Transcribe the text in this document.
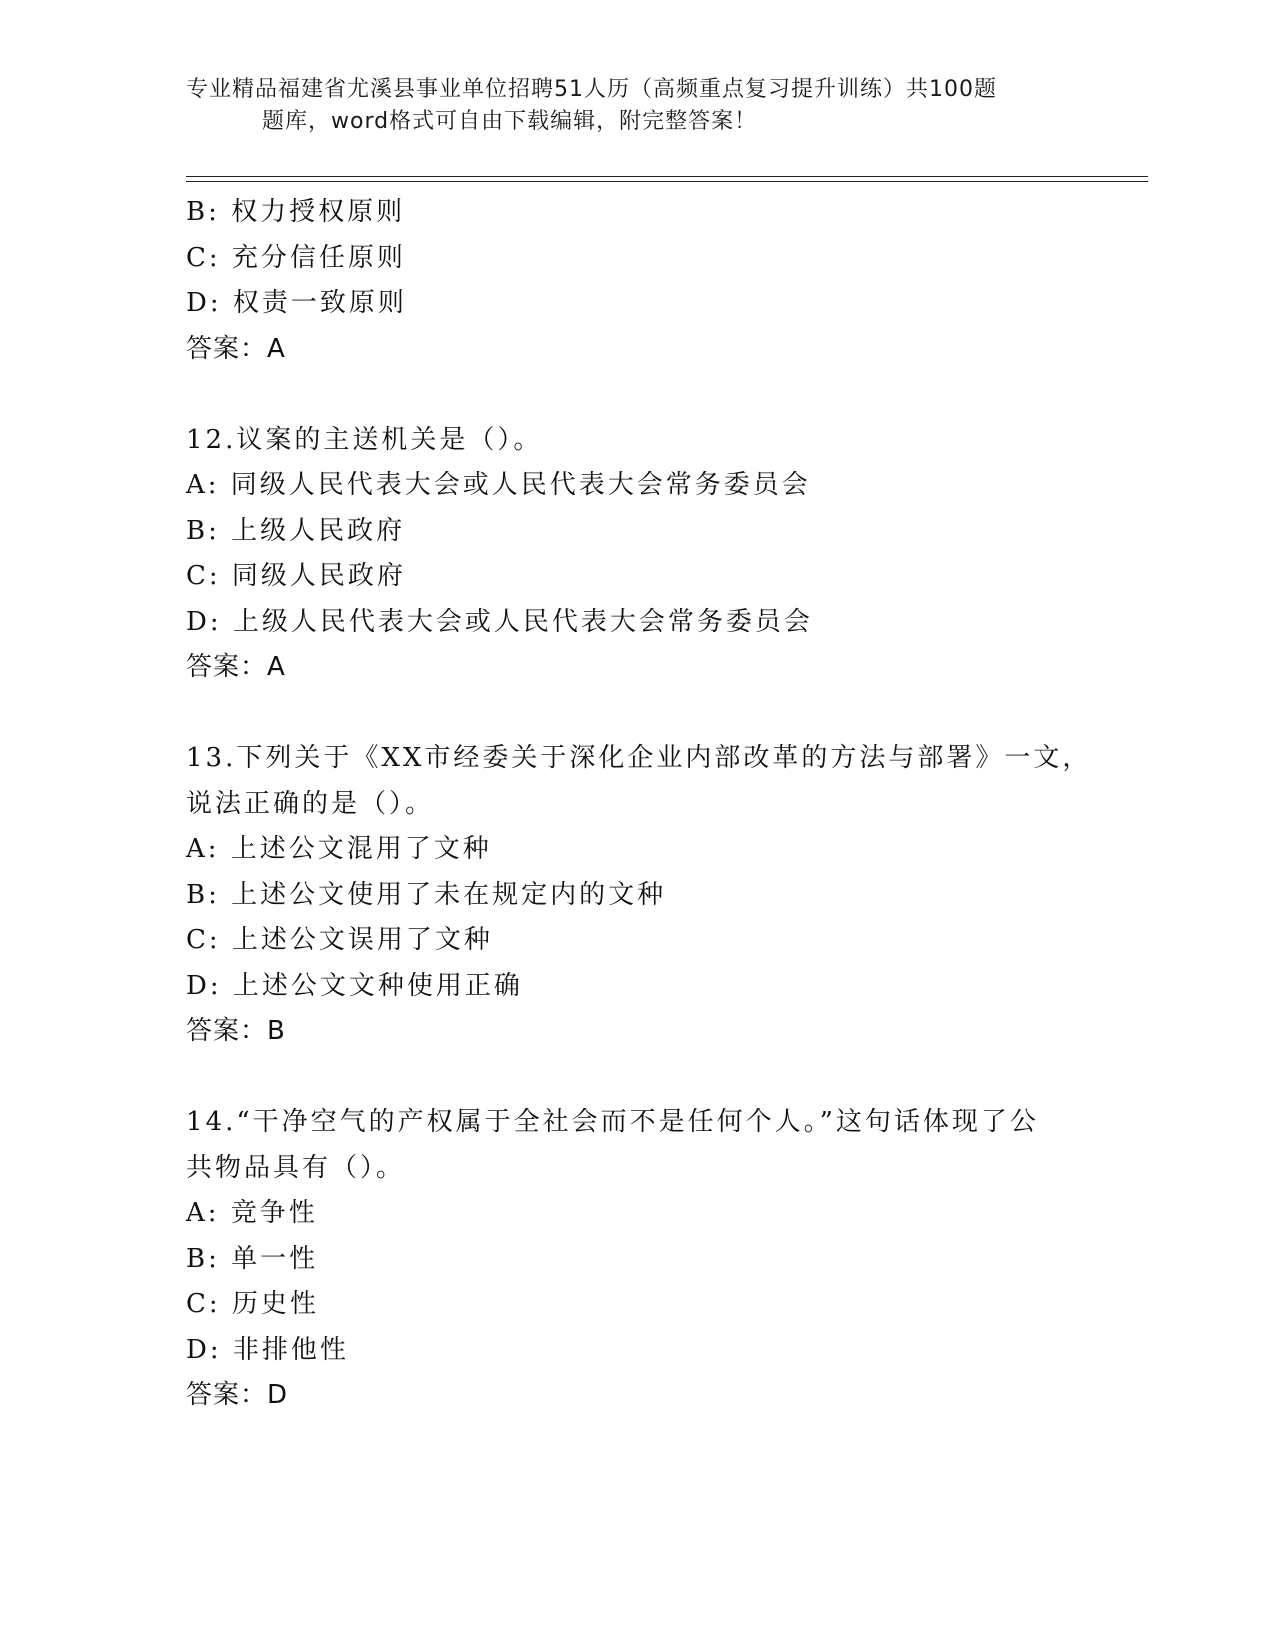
专业精品福建省尤溪县事业单位招聘51人历（高频重点复习提升训练）共100题
题库，word格式可自由下载编辑，附完整答案！
B: 权力授权原则
C: 充分信任原则
D: 权责一致原则
答案：A
12.议案的主送机关是（）。
A: 同级人民代表大会或人民代表大会常务委员会
B: 上级人民政府
C: 同级人民政府
D: 上级人民代表大会或人民代表大会常务委员会
答案：A
13.下列关于《XX市经委关于深化企业内部改革的方法与部署》一文，
说法正确的是（）。
A: 上述公文混用了文种
B: 上述公文使用了未在规定内的文种
C: 上述公文误用了文种
D: 上述公文文种使用正确
答案：B
14.“干净空气的产权属于全社会而不是任何个人。”这句话体现了公
共物品具有（）。
A: 竞争性
B: 单一性
C: 历史性
D: 非排他性
答案：D
